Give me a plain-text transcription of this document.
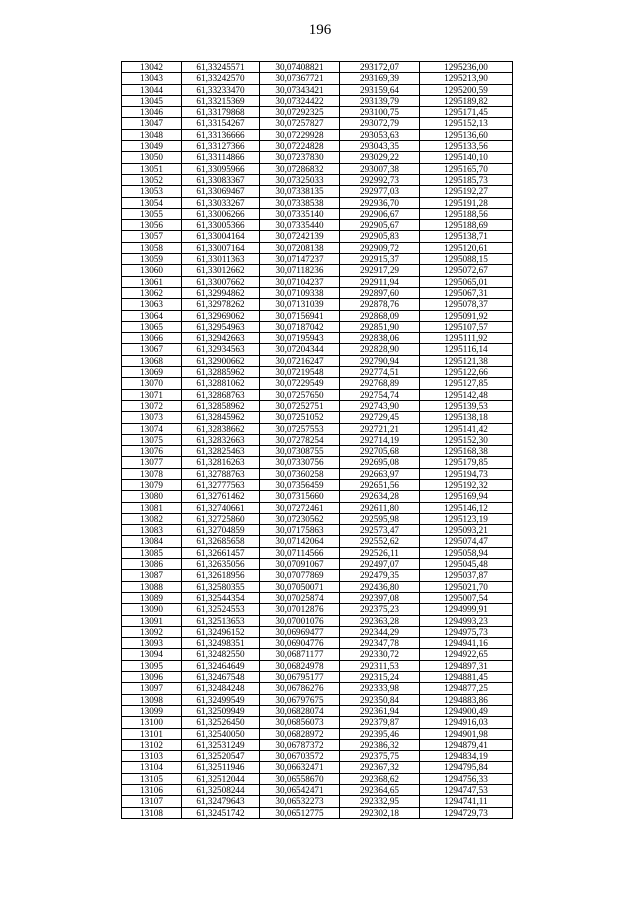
196
13042	61,33245571	30,07408821	293172,07	1295236,00
13043	61,33242570	30,07367721	293169,39	1295213,90
13044	61,33233470	30,07343421	293159,64	1295200,59
13045	61,33215369	30,07324422	293139,79	1295189,82
13046	61,33179868	30,07292325	293100,75	1295171,45
13047	61,33154267	30,07257827	293072,79	1295152,13
13048	61,33136666	30,07229928	293053,63	1295136,60
13049	61,33127366	30,07224828	293043,35	1295133,56
13050	61,33114866	30,07237830	293029,22	1295140,10
13051	61,33095966	30,07286832	293007,38	1295165,70
13052	61,33083367	30,07325033	292992,73	1295185,73
13053	61,33069467	30,07338135	292977,03	1295192,27
13054	61,33033267	30,07338538	292936,70	1295191,28
13055	61,33006266	30,07335140	292906,67	1295188,56
13056	61,33005366	30,07335440	292905,67	1295188,69
13057	61,33004164	30,07242139	292905,83	1295138,71
13058	61,33007164	30,07208138	292909,72	1295120,61
13059	61,33011363	30,07147237	292915,37	1295088,15
13060	61,33012662	30,07118236	292917,29	1295072,67
13061	61,33007662	30,07104237	292911,94	1295065,01
13062	61,32994862	30,07109338	292897,60	1295067,31
13063	61,32978262	30,07131039	292878,76	1295078,37
13064	61,32969062	30,07156941	292868,09	1295091,92
13065	61,32954963	30,07187042	292851,90	1295107,57
13066	61,32942663	30,07195943	292838,06	1295111,92
13067	61,32934563	30,07204344	292828,90	1295116,14
13068	61,32900662	30,07216247	292790,94	1295121,38
13069	61,32885962	30,07219548	292774,51	1295122,66
13070	61,32881062	30,07229549	292768,89	1295127,85
13071	61,32868763	30,07257650	292754,74	1295142,48
13072	61,32858962	30,07252751	292743,90	1295139,53
13073	61,32845962	30,07251052	292729,45	1295138,18
13074	61,32838662	30,07257553	292721,21	1295141,42
13075	61,32832663	30,07278254	292714,19	1295152,30
13076	61,32825463	30,07308755	292705,68	1295168,38
13077	61,32816263	30,07330756	292695,08	1295179,85
13078	61,32788763	30,07360258	292663,97	1295194,73
13079	61,32777563	30,07356459	292651,56	1295192,32
13080	61,32761462	30,07315660	292634,28	1295169,94
13081	61,32740661	30,07272461	292611,80	1295146,12
13082	61,32725860	30,07230562	292595,98	1295123,19
13083	61,32704859	30,07175863	292573,47	1295093,21
13084	61,32685658	30,07142064	292552,62	1295074,47
13085	61,32661457	30,07114566	292526,11	1295058,94
13086	61,32635056	30,07091067	292497,07	1295045,48
13087	61,32618956	30,07077869	292479,35	1295037,87
13088	61,32580355	30,07050071	292436,80	1295021,70
13089	61,32544354	30,07025874	292397,08	1295007,54
13090	61,32524553	30,07012876	292375,23	1294999,91
13091	61,32513653	30,07001076	292363,28	1294993,23
13092	61,32496152	30,06969477	292344,29	1294975,73
13093	61,32498351	30,06904776	292347,78	1294941,16
13094	61,32482550	30,06871177	292330,72	1294922,65
13095	61,32464649	30,06824978	292311,53	1294897,31
13096	61,32467548	30,06795177	292315,24	1294881,45
13097	61,32484248	30,06786276	292333,98	1294877,25
13098	61,32499549	30,06797675	292350,84	1294883,86
13099	61,32509949	30,06828074	292361,94	1294900,49
13100	61,32526450	30,06856073	292379,87	1294916,03
13101	61,32540050	30,06828972	292395,46	1294901,98
13102	61,32531249	30,06787372	292386,32	1294879,41
13103	61,32520547	30,06703572	292375,75	1294834,19
13104	61,32511946	30,06632471	292367,32	1294795,84
13105	61,32512044	30,06558670	292368,62	1294756,33
13106	61,32508244	30,06542471	292364,65	1294747,53
13107	61,32479643	30,06532273	292332,95	1294741,11
13108	61,32451742	30,06512775	292302,18	1294729,73
